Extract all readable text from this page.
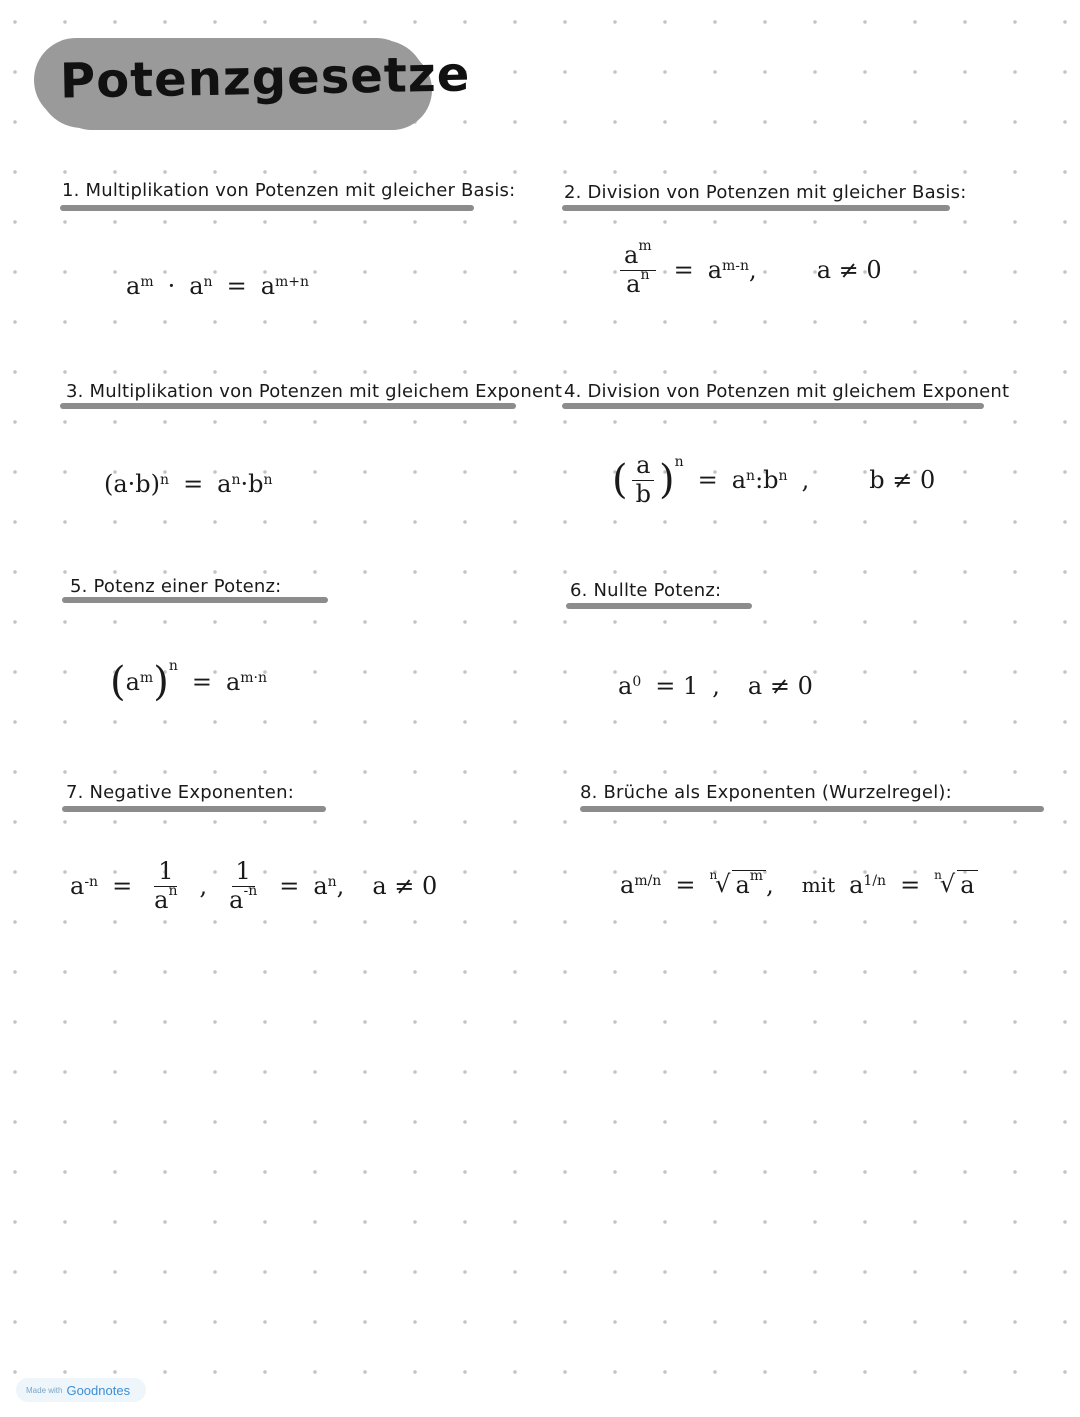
Potenzgesetze
1. Multiplikation von Potenzen mit gleicher Basis:
$a^m \cdot a^n = a^{m+n}$
2. Division von Potenzen mit gleicher Basis:
$\frac{a^m}{a^n} = a^{m-n}$ ,	a ≠ 0
3. Multiplikation von Potenzen mit gleichem Exponent
$(a\cdot b)^n = a^n \cdot b^n$
4. Division von Potenzen mit gleichem Exponent
( $\frac{a}{b} )^n$
= $a^n$ : $b^n$ ,	b ≠ 0
5. Potenz einer Potenz:
( $a^m$ )$^n$
= $a^{m\cdot n}$
6. Nullte Potenz:
$a^0 = 1$ , a ≠ 0
7. Negative Exponenten:
$a^{-n} = \frac{1}{a^n}$ , $\frac{1}{a^{-n}} = a^n$ , a ≠ 0
8. Brüche als Exponenten (Wurzelregel):
$a^{m/n} = n$
√ $a^m$ , mit $a^{1/n} = n$
√ a
Made with Goodnotes
